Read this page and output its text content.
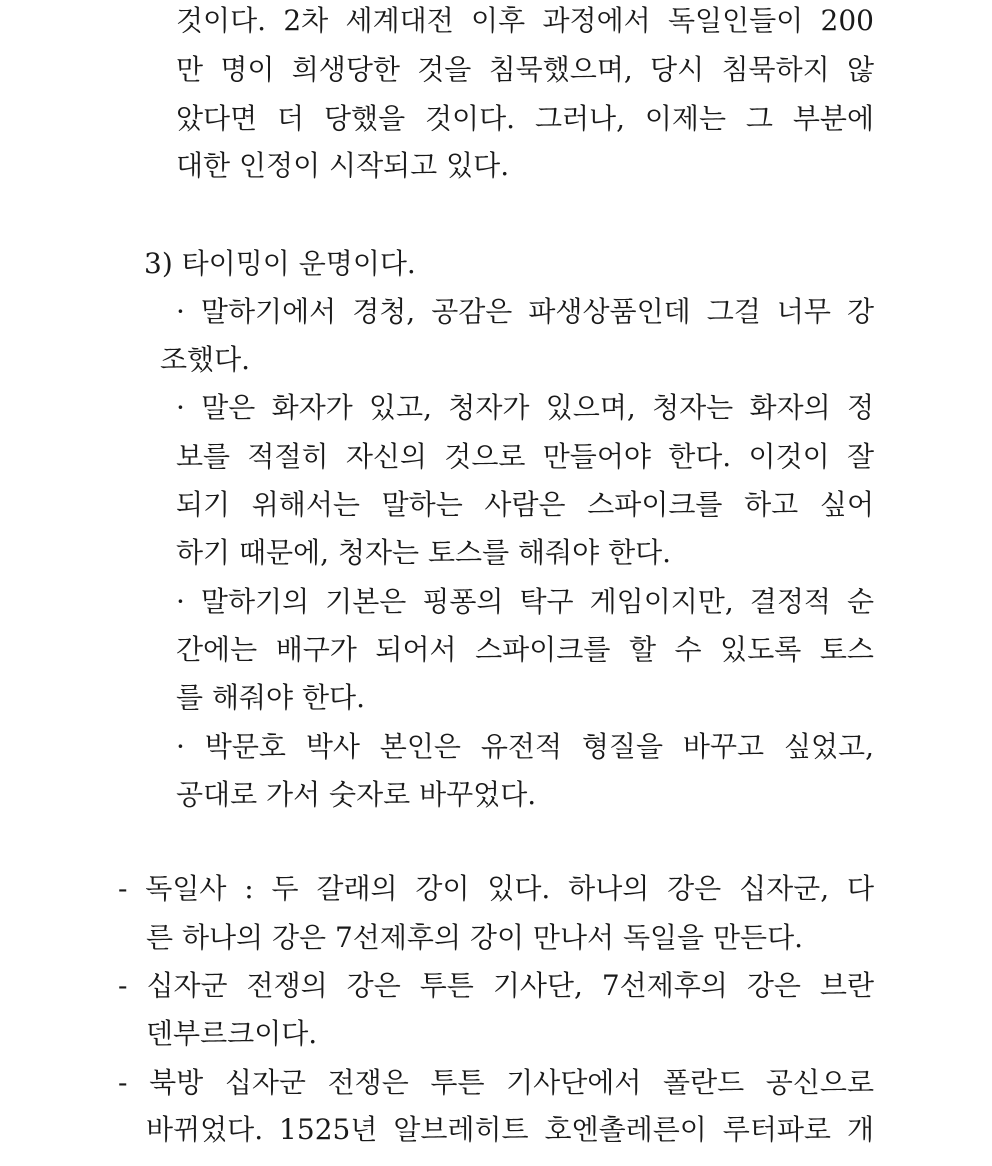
것이다. 2차 세계대전 이후 과정에서 독일인들이 200
만 명이 희생당한 것을 침묵했으며, 당시 침묵하지 않
았다면 더 당했을 것이다. 그러나, 이제는 그 부분에
대한 인정이 시작되고 있다.
3) 타이밍이 운명이다.
· 말하기에서 경청, 공감은 파생상품인데 그걸 너무 강
조했다.
· 말은 화자가 있고, 청자가 있으며, 청자는 화자의 정
보를 적절히 자신의 것으로 만들어야 한다. 이것이 잘
되기 위해서는 말하는 사람은 스파이크를 하고 싶어
하기 때문에, 청자는 토스를 해줘야 한다.
· 말하기의 기본은 핑퐁의 탁구 게임이지만, 결정적 순
간에는 배구가 되어서 스파이크를 할 수 있도록 토스
를 해줘야 한다.
· 박문호 박사 본인은 유전적 형질을 바꾸고 싶었고,
공대로 가서 숫자로 바꾸었다.
- 독일사 : 두 갈래의 강이 있다. 하나의 강은 십자군, 다
른 하나의 강은 7선제후의 강이 만나서 독일을 만든다.
- 십자군 전쟁의 강은 투튼 기사단, 7선제후의 강은 브란
덴부르크이다.
- 북방 십자군 전쟁은 투튼 기사단에서 폴란드 공신으로
바뀌었다. 1525년 알브레히트 호엔촐레른이 루터파로 개
